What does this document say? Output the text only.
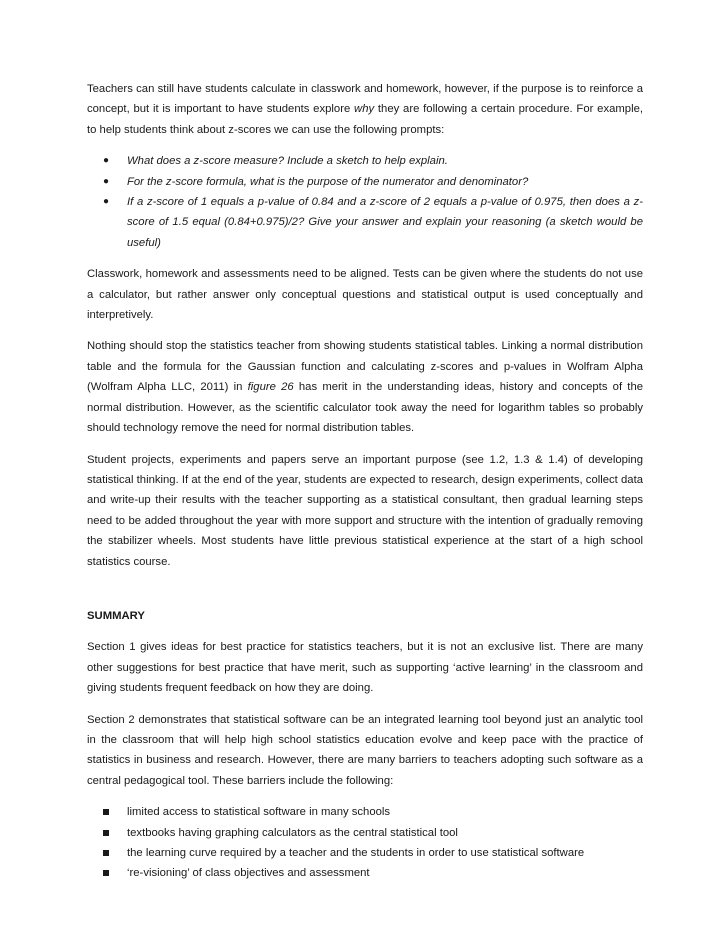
Teachers can still have students calculate in classwork and homework, however, if the purpose is to reinforce a concept, but it is important to have students explore why they are following a certain procedure. For example, to help students think about z-scores we can use the following prompts:

● What does a z-score measure? Include a sketch to help explain.
● For the z-score formula, what is the purpose of the numerator and denominator?
● If a z-score of 1 equals a p-value of 0.84 and a z-score of 2 equals a p-value of 0.975, then does a z-score of 1.5 equal (0.84+0.975)/2? Give your answer and explain your reasoning (a sketch would be useful)

Classwork, homework and assessments need to be aligned. Tests can be given where the students do not use a calculator, but rather answer only conceptual questions and statistical output is used conceptually and interpretively.

Nothing should stop the statistics teacher from showing students statistical tables. Linking a normal distribution table and the formula for the Gaussian function and calculating z-scores and p-values in Wolfram Alpha (Wolfram Alpha LLC, 2011) in figure 26 has merit in the understanding ideas, history and concepts of the normal distribution. However, as the scientific calculator took away the need for logarithm tables so probably should technology remove the need for normal distribution tables.

Student projects, experiments and papers serve an important purpose (see 1.2, 1.3 & 1.4) of developing statistical thinking. If at the end of the year, students are expected to research, design experiments, collect data and write-up their results with the teacher supporting as a statistical consultant, then gradual learning steps need to be added throughout the year with more support and structure with the intention of gradually removing the stabilizer wheels. Most students have little previous statistical experience at the start of a high school statistics course.

SUMMARY

Section 1 gives ideas for best practice for statistics teachers, but it is not an exclusive list. There are many other suggestions for best practice that have merit, such as supporting ‘active learning’ in the classroom and giving students frequent feedback on how they are doing.

Section 2 demonstrates that statistical software can be an integrated learning tool beyond just an analytic tool in the classroom that will help high school statistics education evolve and keep pace with the practice of statistics in business and research. However, there are many barriers to teachers adopting such software as a central pedagogical tool. These barriers include the following:

limited access to statistical software in many schools
textbooks having graphing calculators as the central statistical tool
the learning curve required by a teacher and the students in order to use statistical software
‘re-visioning’ of class objectives and assessment
